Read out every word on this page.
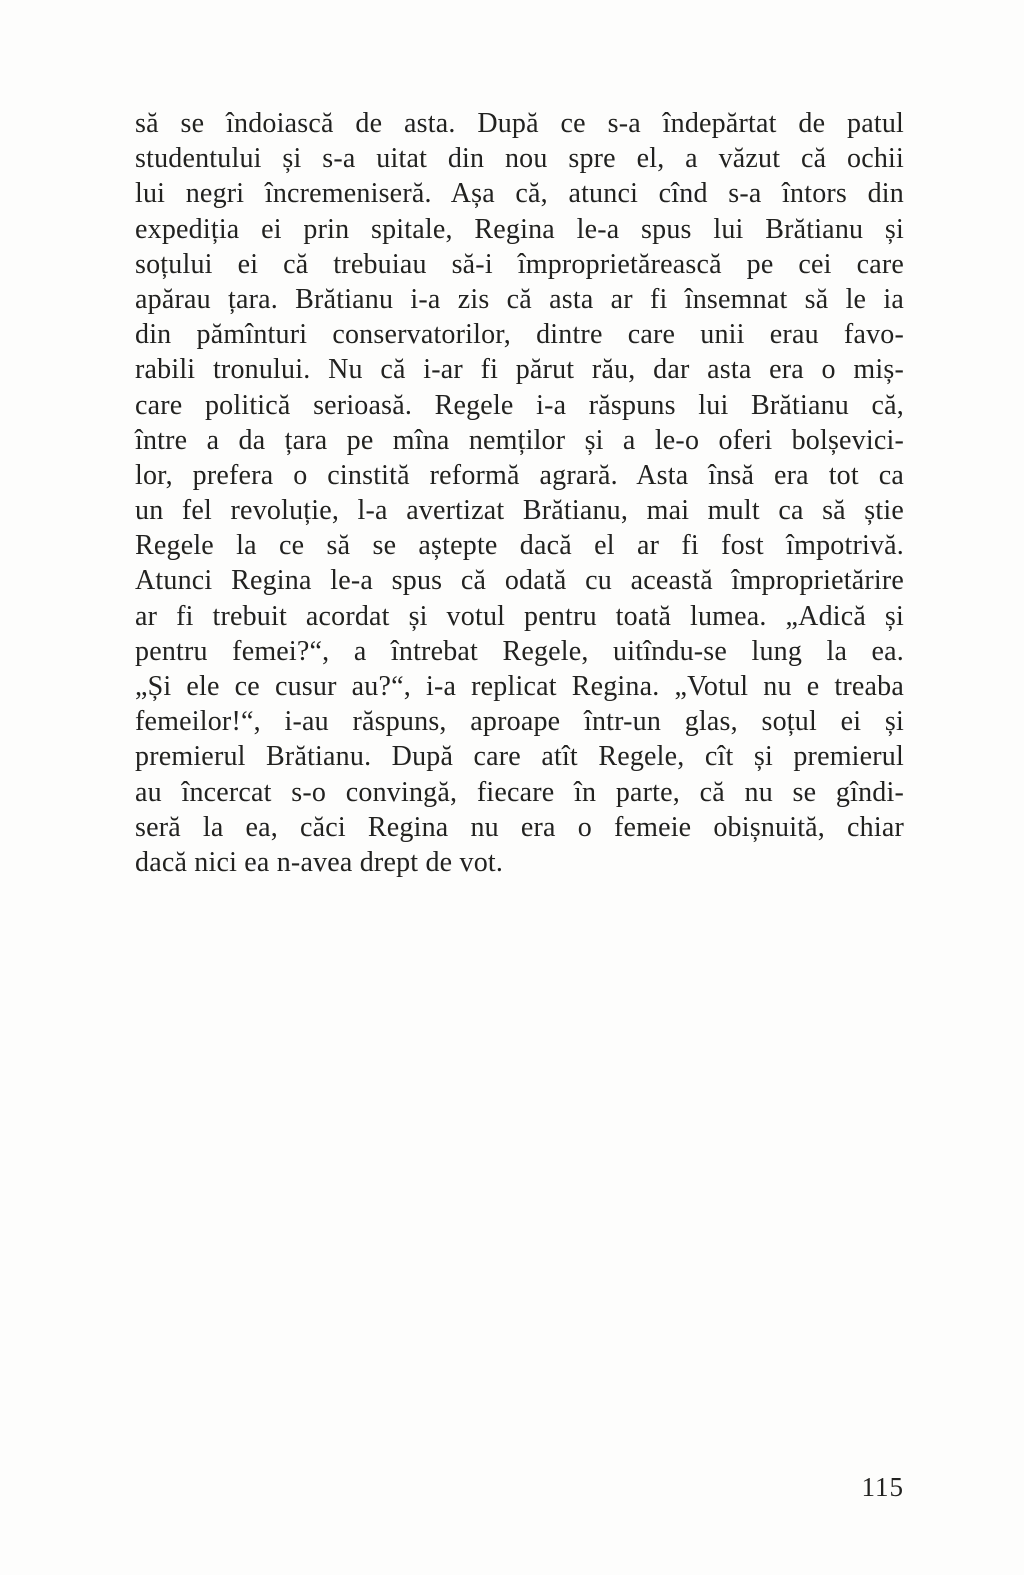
să se îndoiască de asta. După ce s-a îndepărtat de patul
studentului și s-a uitat din nou spre el, a văzut că ochii
lui negri încremeniseră. Așa că, atunci cînd s-a întors din
expediția ei prin spitale, Regina le-a spus lui Brătianu și
soțului ei că trebuiau să-i împroprietărească pe cei care
apărau țara. Brătianu i-a zis că asta ar fi însemnat să le ia
din pămînturi conservatorilor, dintre care unii erau favo-
rabili tronului. Nu că i-ar fi părut rău, dar asta era o miș-
care politică serioasă. Regele i-a răspuns lui Brătianu că,
între a da țara pe mîna nemților și a le-o oferi bolșevici-
lor, prefera o cinstită reformă agrară. Asta însă era tot ca
un fel revoluție, l-a avertizat Brătianu, mai mult ca să știe
Regele la ce să se aștepte dacă el ar fi fost împotrivă.
Atunci Regina le-a spus că odată cu această împroprietărire
ar fi trebuit acordat și votul pentru toată lumea. „Adică și
pentru femei?“, a întrebat Regele, uitîndu-se lung la ea.
„Și ele ce cusur au?“, i-a replicat Regina. „Votul nu e treaba
femeilor!“, i-au răspuns, aproape într-un glas, soțul ei și
premierul Brătianu. După care atît Regele, cît și premierul
au încercat s-o convingă, fiecare în parte, că nu se gîndi-
seră la ea, căci Regina nu era o femeie obișnuită, chiar
dacă nici ea n-avea drept de vot.
115
